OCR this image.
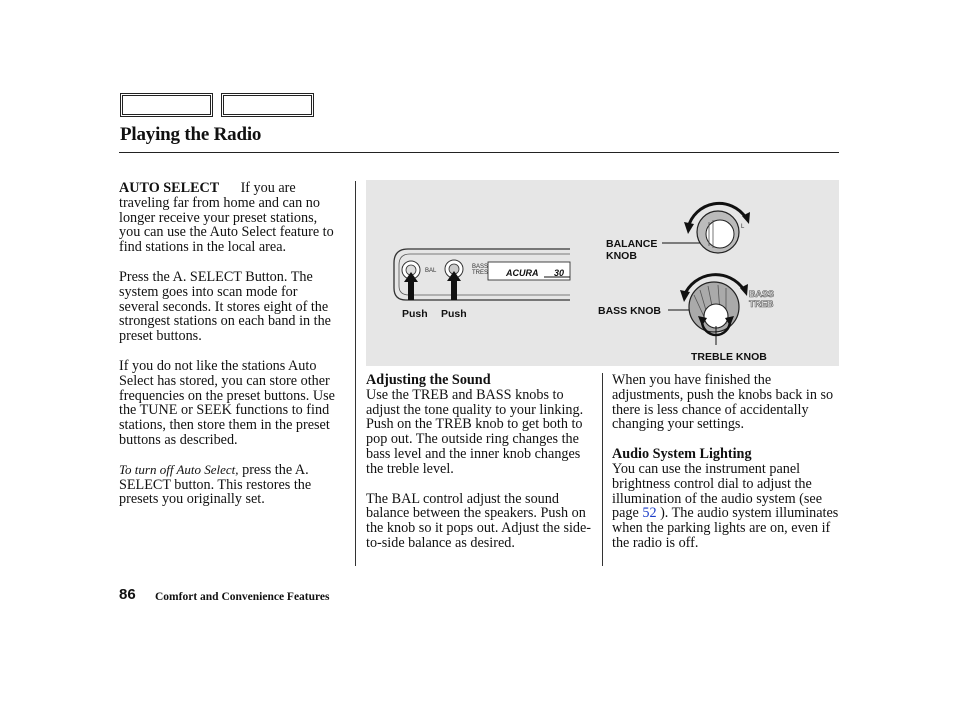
Playing the Radio

AUTO SELECT If you are traveling far from home and can no longer receive your preset stations, you can use the Auto Select feature to find stations in the local area.

Press the A. SELECT Button. The system goes into scan mode for several seconds. It stores eight of the strongest stations on each band in the preset buttons.

If you do not like the stations Auto Select has stored, you can store other frequencies on the preset buttons. Use the TUNE or SEEK functions to find stations, then store them in the preset buttons as described.

To turn off Auto Select, press the A. SELECT button. This restores the presets you originally set.

BAL
BASS
TRES ACURA 30
Push Push
L
BALANCE
KNOB
BASS
TREB
BASS KNOB
TREBLE KNOB

Adjusting the Sound

Use the TREB and BASS knobs to adjust the tone quality to your linking. Push on the TREB knob to get both to pop out. The outside ring changes the bass level and the inner knob changes the treble level.

The BAL control adjust the sound balance between the speakers. Push on the knob so it pops out. Adjust the side-to-side balance as desired.

When you have finished the adjustments, push the knobs back in so there is less chance of accidentally changing your settings.

Audio System Lighting

You can use the instrument panel brightness control dial to adjust the illumination of the audio system (see page 52 ). The audio system illuminates when the parking lights are on, even if the radio is off.

86 Comfort and Convenience Features
